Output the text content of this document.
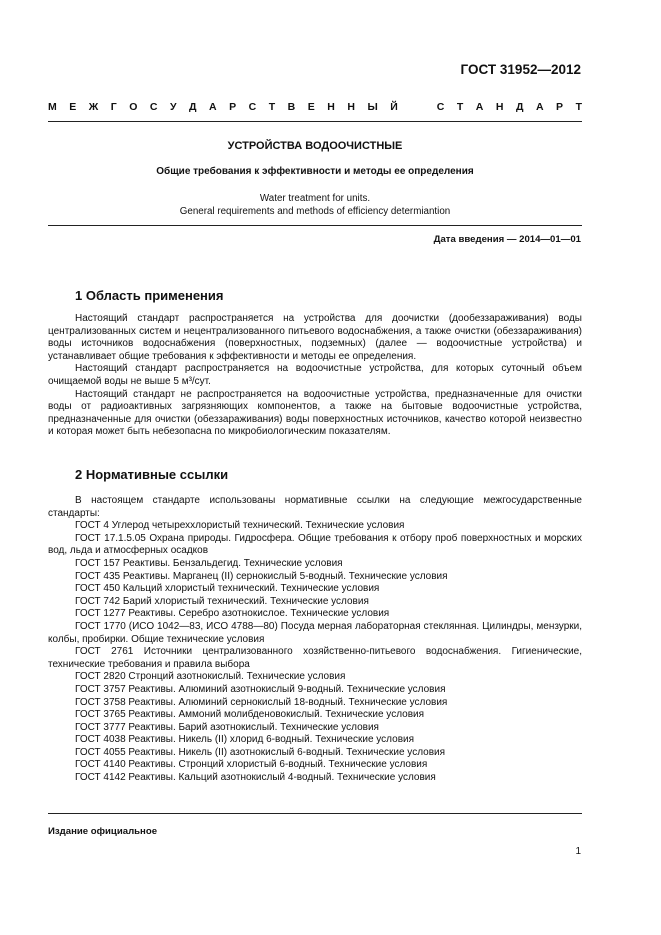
ГОСТ 31952—2012
М Е Ж Г О С У Д А Р С Т В Е Н Н Ы Й	С Т А Н Д А Р Т
УСТРОЙСТВА ВОДООЧИСТНЫЕ
Общие требования к эффективности и методы ее определения
Water treatment for units.
General requirements and methods of efficiency determiantion
Дата введения — 2014—01—01
1 Область применения

Настоящий стандарт распространяется на устройства для доочистки (дообеззараживания) воды централизованных систем и нецентрализованного питьевого водоснабжения, а также очистки (обеззараживания) воды источников водоснабжения (поверхностных, подземных) (далее — водоочистные устройства) и устанавливает общие требования к эффективности и методы ее определения.

Настоящий стандарт распространяется на водоочистные устройства, для которых суточный объем очищаемой воды не выше 5 м³/сут.

Настоящий стандарт не распространяется на водоочистные устройства, предназначенные для очистки воды от радиоактивных загрязняющих компонентов, а также на бытовые водоочистные устройства, предназначенные для очистки (обеззараживания) воды поверхностных источников, качество которой неизвестно и которая может быть небезопасна по микробиологическим показателям.

2 Нормативные ссылки

В настоящем стандарте использованы нормативные ссылки на следующие межгосударственные стандарты:

ГОСТ 4 Углерод четыреххлористый технический. Технические условия

ГОСТ 17.1.5.05 Охрана природы. Гидросфера. Общие требования к отбору проб поверхностных и морских вод, льда и атмосферных осадков

ГОСТ 157 Реактивы. Бензальдегид. Технические условия

ГОСТ 435 Реактивы. Марганец (II) сернокислый 5-водный. Технические условия

ГОСТ 450 Кальций хлористый технический. Технические условия

ГОСТ 742 Барий хлористый технический. Технические условия

ГОСТ 1277 Реактивы. Серебро азотнокислое. Технические условия

ГОСТ 1770 (ИСО 1042—83, ИСО 4788—80) Посуда мерная лабораторная стеклянная. Цилиндры, мензурки, колбы, пробирки. Общие технические условия

ГОСТ 2761 Источники централизованного хозяйственно-питьевого водоснабжения. Гигиенические, технические требования и правила выбора

ГОСТ 2820 Стронций азотнокислый. Технические условия

ГОСТ 3757 Реактивы. Алюминий азотнокислый 9-водный. Технические условия

ГОСТ 3758 Реактивы. Алюминий сернокислый 18-водный. Технические условия

ГОСТ 3765 Реактивы. Аммоний молибденовокислый. Технические условия

ГОСТ 3777 Реактивы. Барий азотнокислый. Технические условия

ГОСТ 4038 Реактивы. Никель (II) хлорид 6-водный. Технические условия

ГОСТ 4055 Реактивы. Никель (II) азотнокислый 6-водный. Технические условия

ГОСТ 4140 Реактивы. Стронций хлористый 6-водный. Технические условия

ГОСТ 4142 Реактивы. Кальций азотнокислый 4-водный. Технические условия

Издание официальное
1
